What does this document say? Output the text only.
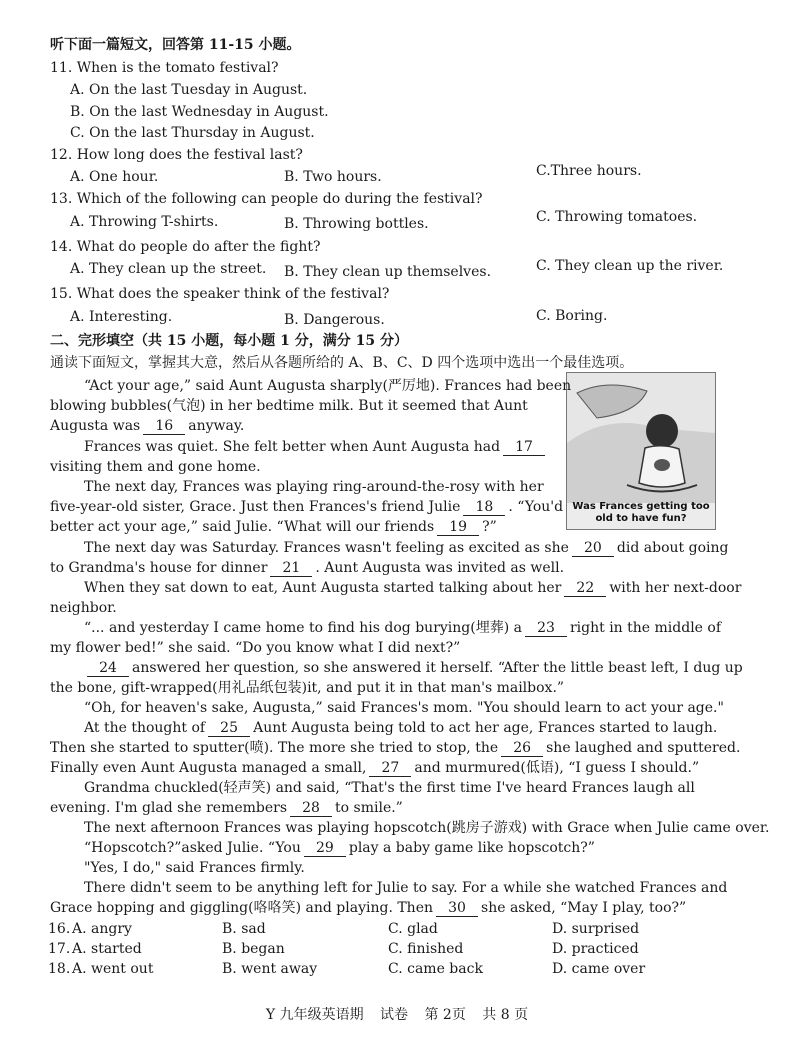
听下面一篇短文，回答第 11-15 小题。
11. When is the tomato festival?
A. On the last Tuesday in August.
B. On the last Wednesday in August.
C. On the last Thursday in August.
12. How long does the festival last?
A. One hour.	B. Two hours.	C.Three hours.
13. Which of the following can people do during the festival?
A. Throwing T-shirts.	B. Throwing bottles.	C. Throwing tomatoes.
14. What do people do after the fight?
A. They clean up the street. B. They clean up themselves.	C. They clean up the river.
15. What does the speaker think of the festival?
A. Interesting.	B. Dangerous.	C. Boring.
二、完形填空（共 15 小题，每小题 1 分，满分 15 分）
通读下面短文，掌握其大意，然后从各题所给的 A、B、C、D 四个选项中选出一个最佳选项。
Was Frances getting too old to have fun?
“Act your age,” said Aunt Augusta sharply(严厉地). Frances had been
blowing bubbles(气泡) in her bedtime milk. But it seemed that Aunt
Augusta was 16 anyway.
Frances was quiet. She felt better when Aunt Augusta had 17
visiting them and gone home.
The next day, Frances was playing ring-around-the-rosy with her
five-year-old sister, Grace. Just then Frances's friend Julie 18 . “You'd
better act your age,” said Julie. “What will our friends 19 ?”
The next day was Saturday. Frances wasn't feeling as excited as she 20 did about going
to Grandma's house for dinner 21 . Aunt Augusta was invited as well.
When they sat down to eat, Aunt Augusta started talking about her 22 with her next-door
neighbor.
“... and yesterday I came home to find his dog burying(埋葬) a 23 right in the middle of
my flower bed!” she said. “Do you know what I did next?”
24 answered her question, so she answered it herself. “After the little beast left, I dug up
the bone, gift-wrapped(用礼品纸包装)it, and put it in that man's mailbox.”
“Oh, for heaven's sake, Augusta,” said Frances's mom. "You should learn to act your age."
At the thought of 25 Aunt Augusta being told to act her age, Frances started to laugh.
Then she started to sputter(喷). The more she tried to stop, the 26 she laughed and sputtered.
Finally even Aunt Augusta managed a small, 27 and murmured(低语), “I guess I should.”
Grandma chuckled(轻声笑) and said, “That's the first time I've heard Frances laugh all
evening. I'm glad she remembers 28 to smile.”
The next afternoon Frances was playing hopscotch(跳房子游戏) with Grace when Julie came over.
“Hopscotch?”asked Julie. “You 29 play a baby game like hopscotch?”
"Yes, I do," said Frances firmly.
There didn't seem to be anything left for Julie to say. For a while she watched Frances and
Grace hopping and giggling(咯咯笑) and playing. Then 30 she asked, “May I play, too?”
16. A. angry	B. sad	C. glad	D. surprised
17. A. started	B. began	C. finished	D. practiced
18. A. went out	B. went away	C. came back	D. came over
Y 九年级英语期 试卷 第 2页 共 8 页
